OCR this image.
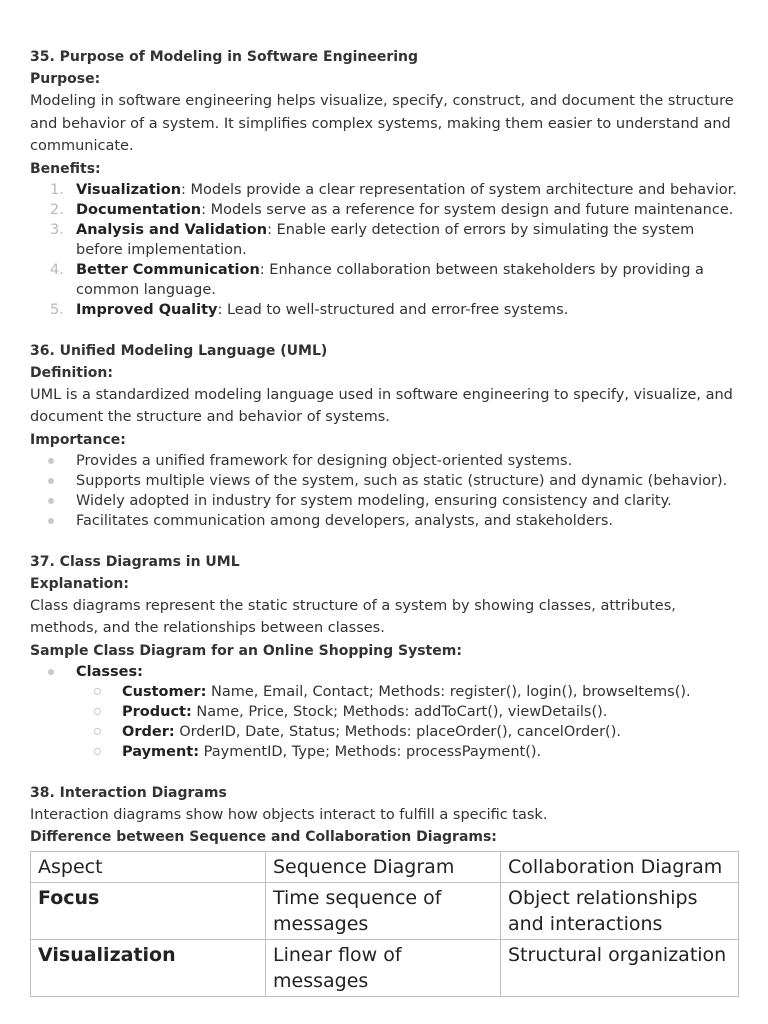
35. Purpose of Modeling in Software Engineering
Purpose:
Modeling in software engineering helps visualize, specify, construct, and document the structure and behavior of a system. It simplifies complex systems, making them easier to understand and communicate.
Benefits:
1. Visualization: Models provide a clear representation of system architecture and behavior.
2. Documentation: Models serve as a reference for system design and future maintenance.
3. Analysis and Validation: Enable early detection of errors by simulating the system before implementation.
4. Better Communication: Enhance collaboration between stakeholders by providing a common language.
5. Improved Quality: Lead to well-structured and error-free systems.
36. Unified Modeling Language (UML)
Definition:
UML is a standardized modeling language used in software engineering to specify, visualize, and document the structure and behavior of systems.
Importance:
Provides a unified framework for designing object-oriented systems.
Supports multiple views of the system, such as static (structure) and dynamic (behavior).
Widely adopted in industry for system modeling, ensuring consistency and clarity.
Facilitates communication among developers, analysts, and stakeholders.
37. Class Diagrams in UML
Explanation:
Class diagrams represent the static structure of a system by showing classes, attributes, methods, and the relationships between classes.
Sample Class Diagram for an Online Shopping System:
Classes:
Customer: Name, Email, Contact; Methods: register(), login(), browseItems().
Product: Name, Price, Stock; Methods: addToCart(), viewDetails().
Order: OrderID, Date, Status; Methods: placeOrder(), cancelOrder().
Payment: PaymentID, Type; Methods: processPayment().
38. Interaction Diagrams
Interaction diagrams show how objects interact to fulfill a specific task.
Difference between Sequence and Collaboration Diagrams:
Aspect	Sequence Diagram	Collaboration Diagram
Focus	Time sequence of messages	Object relationships and interactions
Visualization	Linear flow of messages	Structural organization
